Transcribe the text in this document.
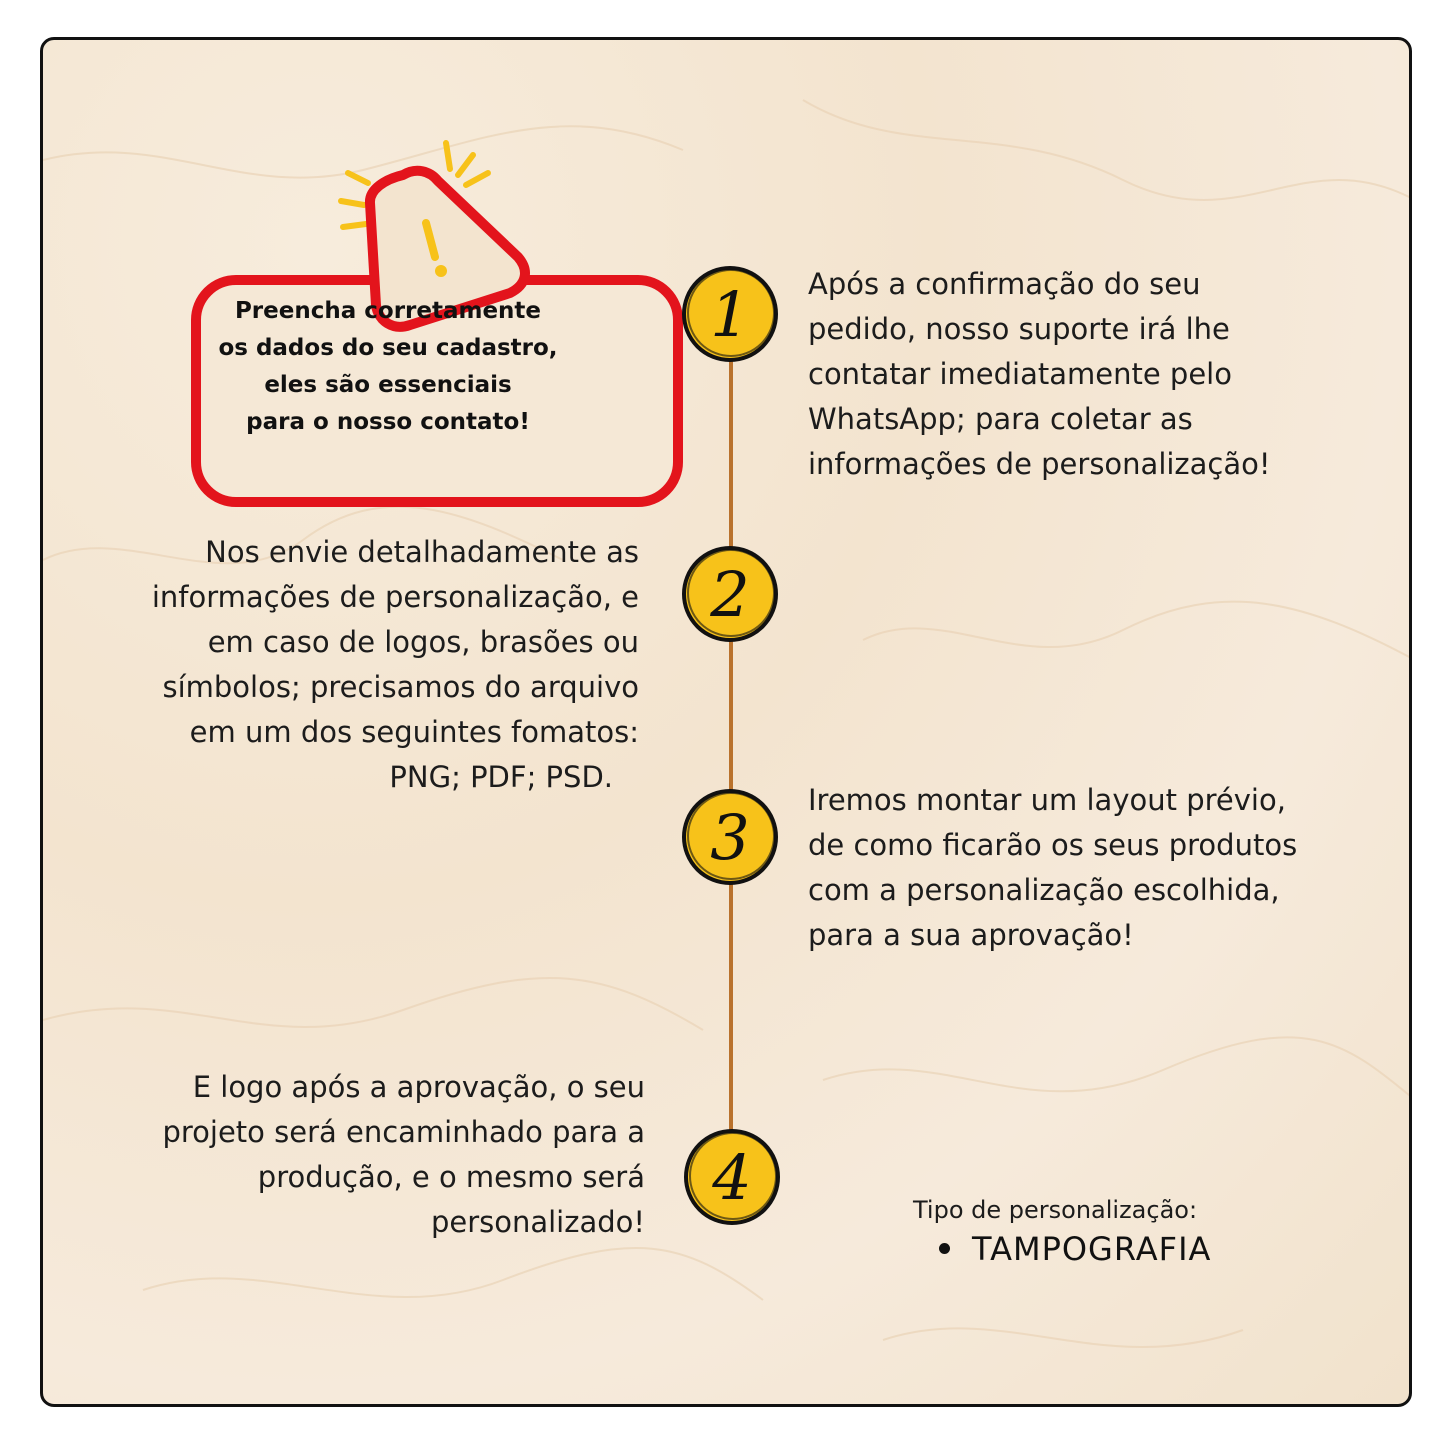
Preencha corretamente
os dados do seu cadastro,
eles são essenciais
para o nosso contato!
1
2
3
4
Após a confirmação do seu
pedido, nosso suporte irá lhe
contatar imediatamente pelo
WhatsApp; para coletar as
informações de personalização!
Nos envie detalhadamente as
informações de personalização, e
em caso de logos, brasões ou
símbolos; precisamos do arquivo
em um dos seguintes fomatos:
PNG; PDF; PSD.
Iremos montar um layout prévio,
de como ficarão os seus produtos
com a personalização escolhida,
para a sua aprovação!
E logo após a aprovação, o seu
projeto será encaminhado para a
produção, e o mesmo será
personalizado!	Tipo de personalização:
TAMPOGRAFIA
